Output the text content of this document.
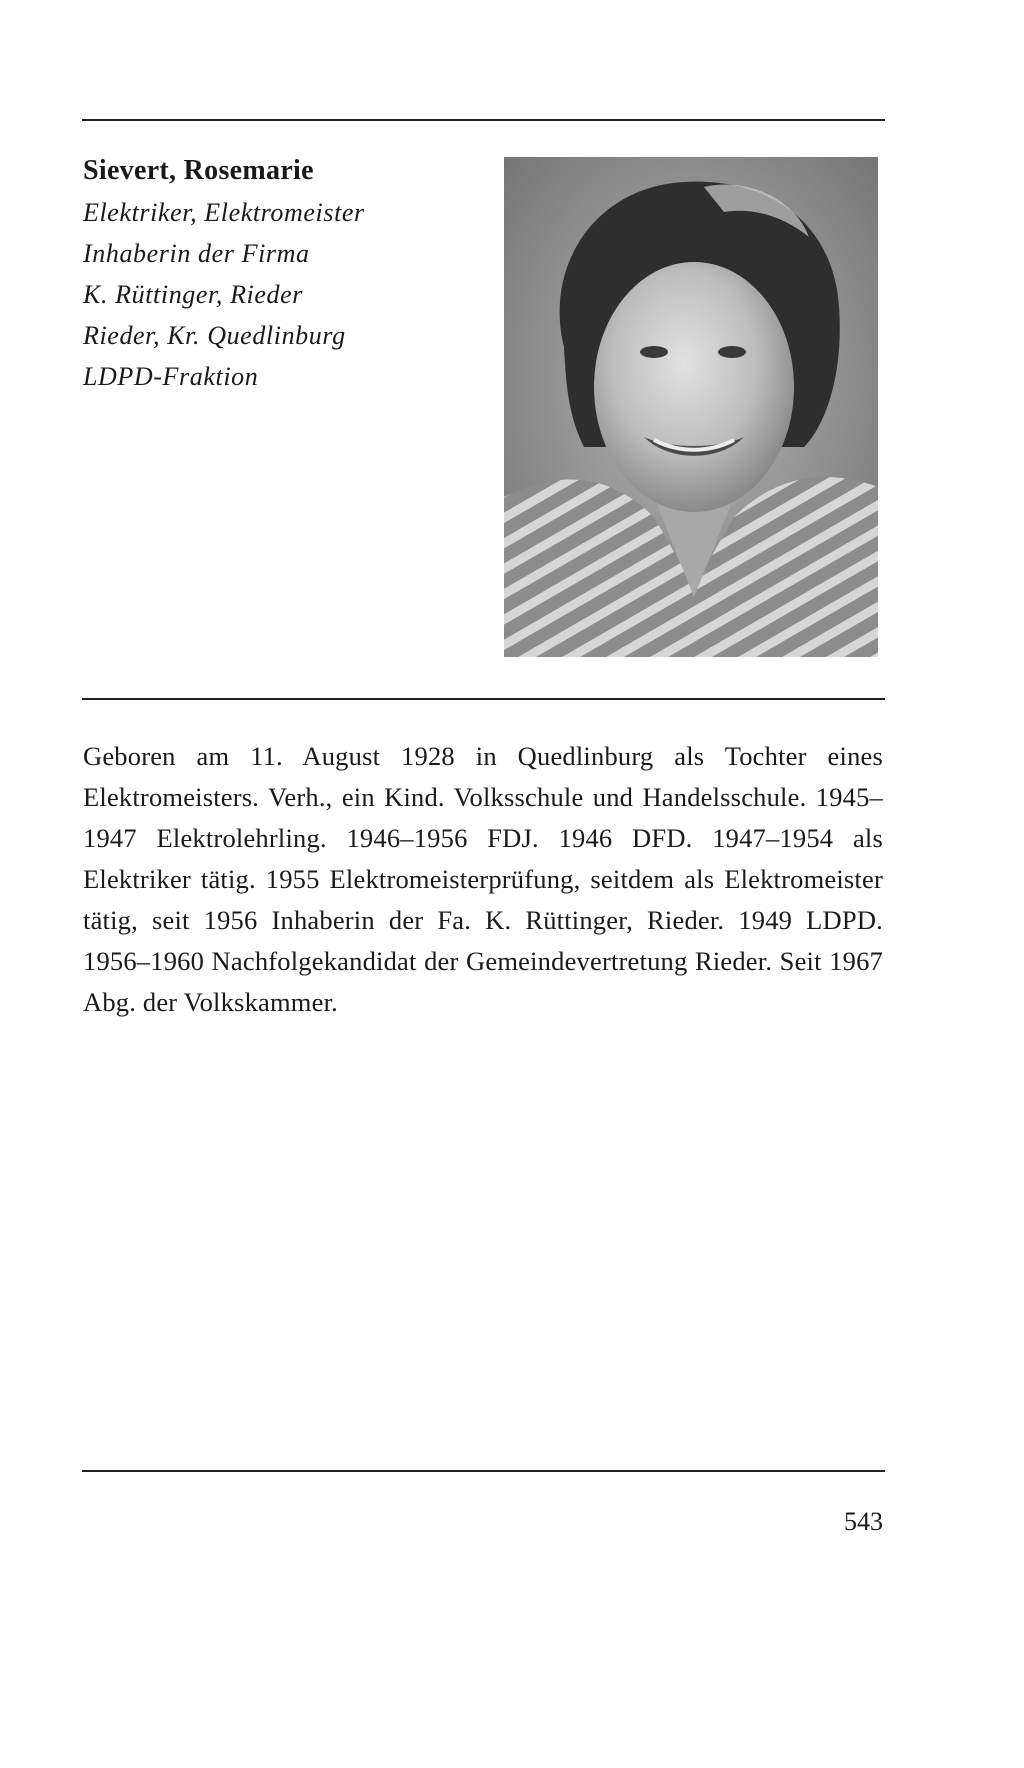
Sievert, Rosemarie

Elektriker, Elektromeister

Inhaberin der Firma

K. Rüttinger, Rieder

Rieder, Kr. Quedlinburg

LDPD-Fraktion

Geboren am 11. August 1928 in Quedlinburg als Tochter eines Elektromeisters. Verh., ein Kind. Volksschule und Handelsschule. 1945–1947 Elektrolehrling. 1946–1956 FDJ. 1946 DFD. 1947–1954 als Elektriker tätig. 1955 Elektromeisterprüfung, seitdem als Elektromeister tätig, seit 1956 Inhaberin der Fa. K. Rüttinger, Rieder. 1949 LDPD. 1956–1960 Nachfolgekandidat der Gemeindevertretung Rieder. Seit 1967 Abg. der Volkskammer.

543
